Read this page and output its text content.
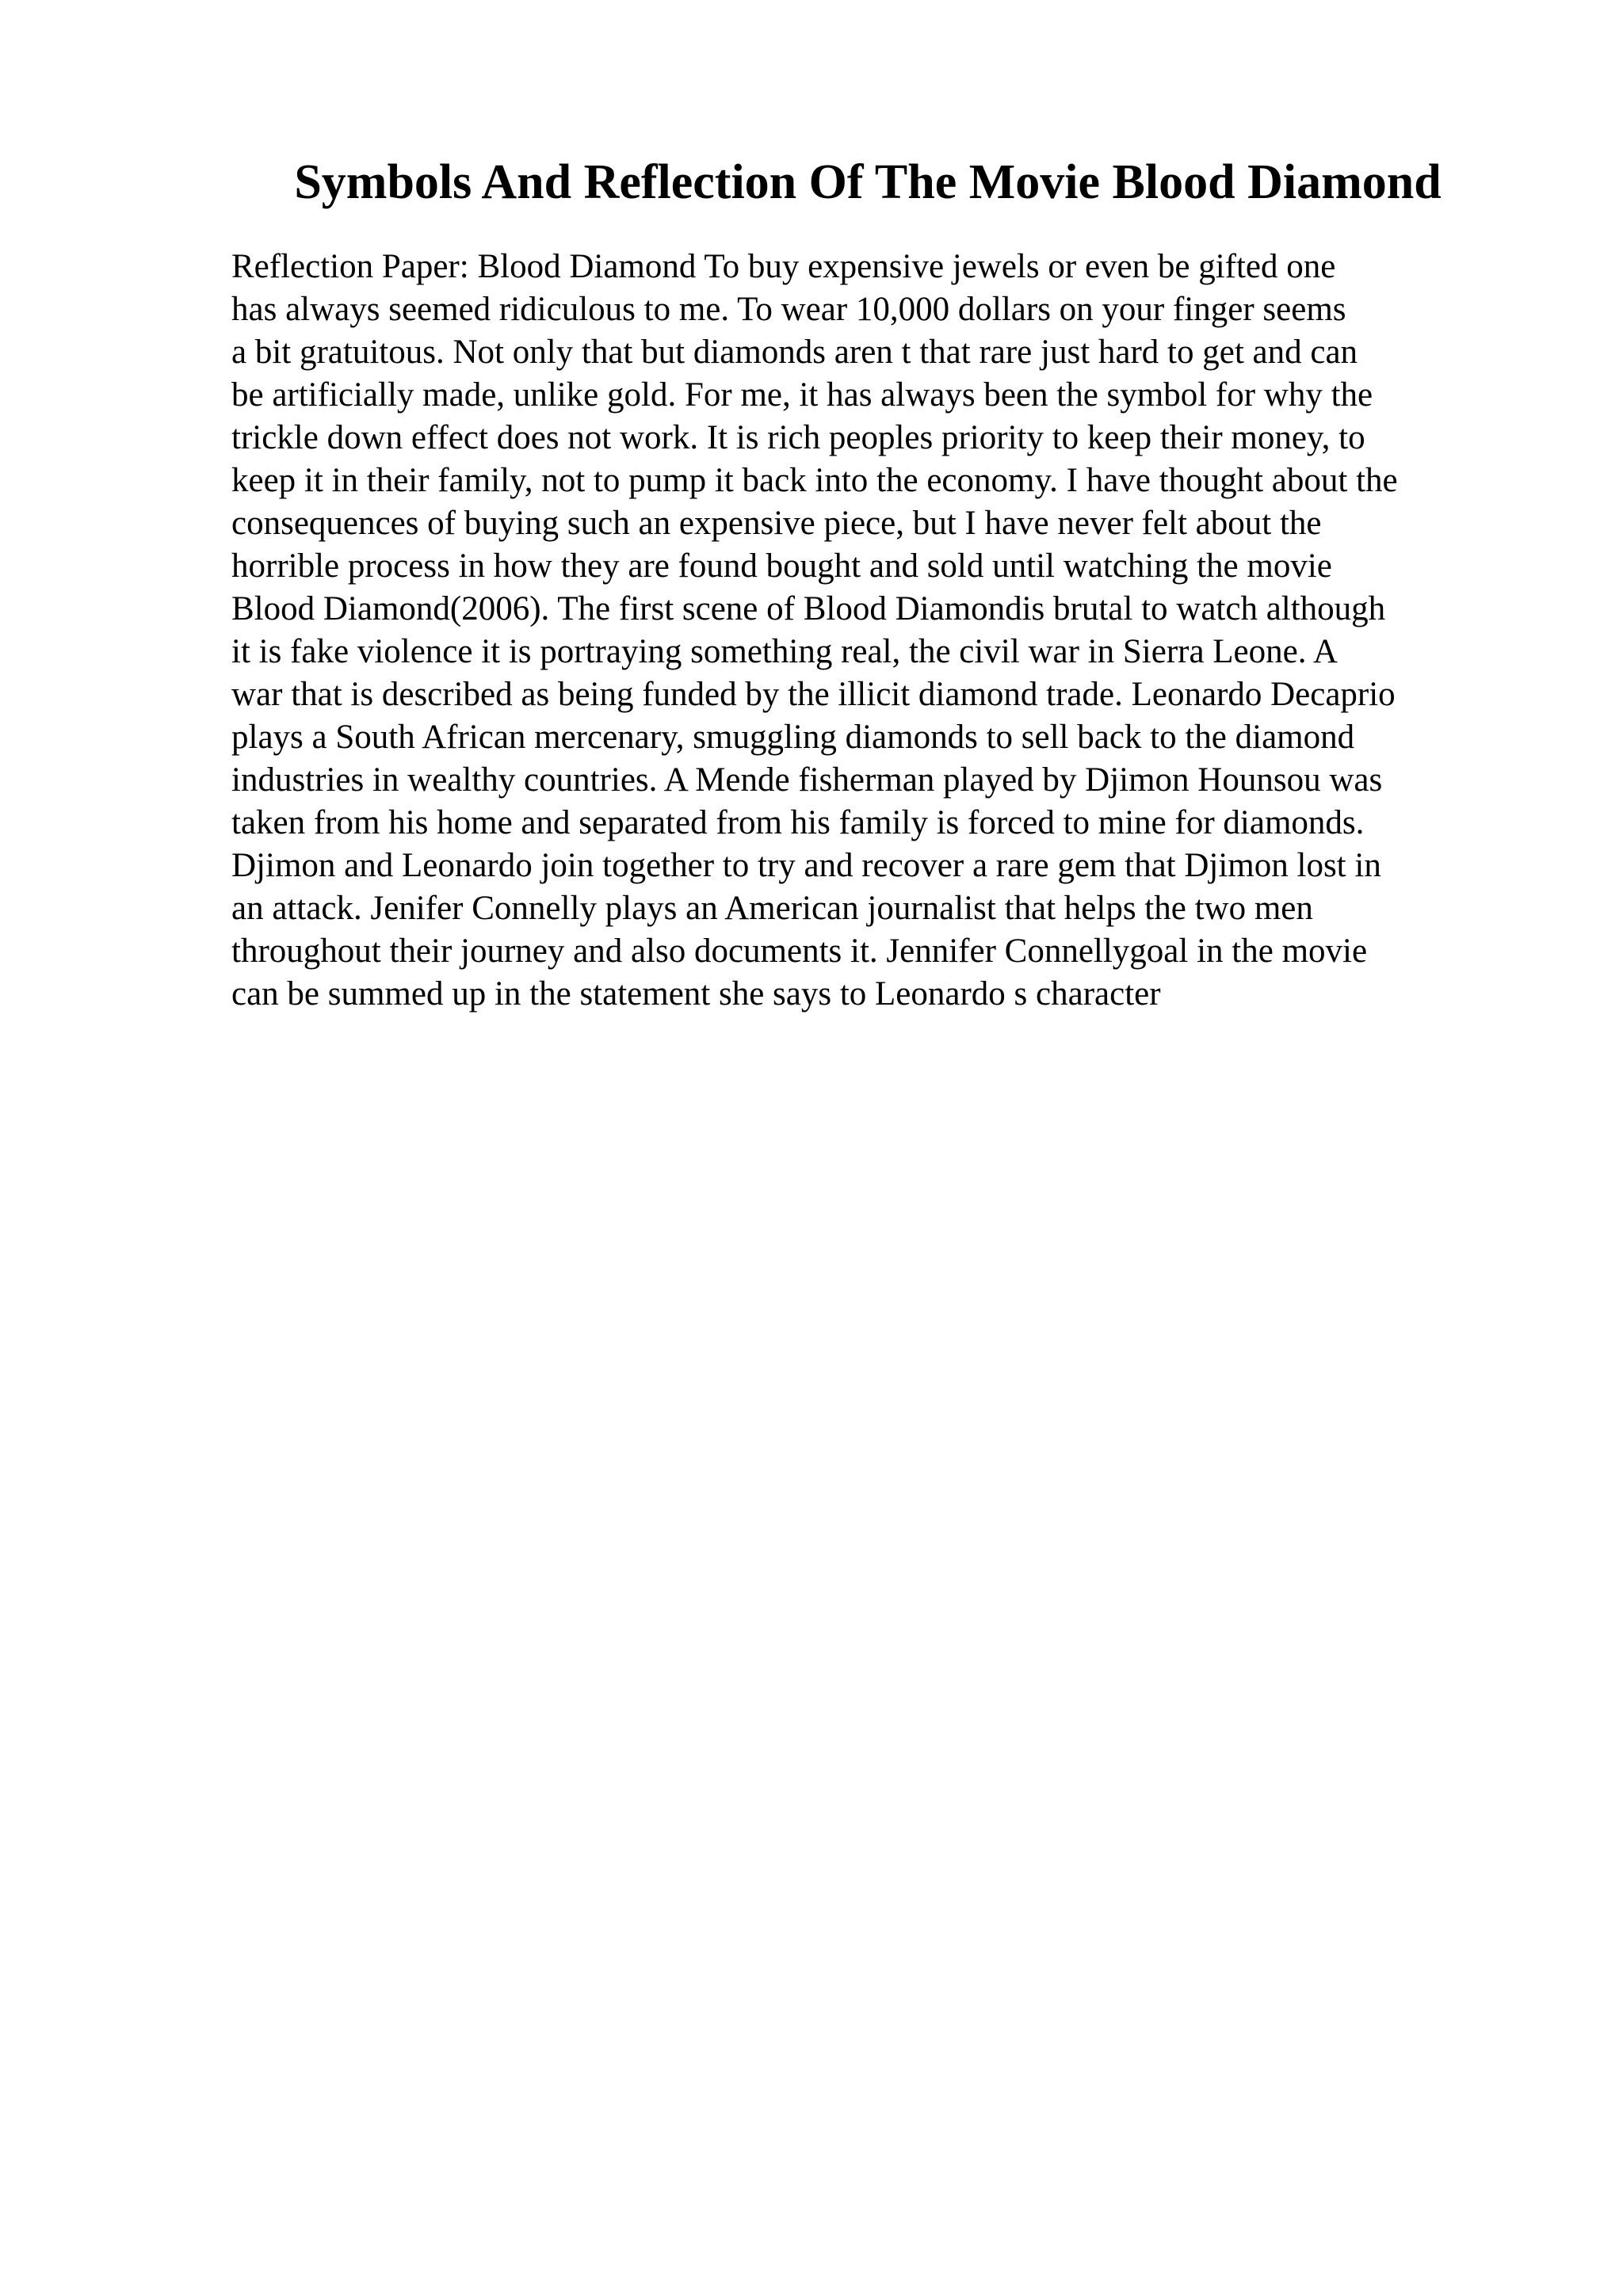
Symbols And Reflection Of The Movie Blood Diamond
Reflection Paper: Blood Diamond To buy expensive jewels or even be gifted one
has always seemed ridiculous to me. To wear 10,000 dollars on your finger seems
a bit gratuitous. Not only that but diamonds aren t that rare just hard to get and can
be artificially made, unlike gold. For me, it has always been the symbol for why the
trickle down effect does not work. It is rich peoples priority to keep their money, to
keep it in their family, not to pump it back into the economy. I have thought about the
consequences of buying such an expensive piece, but I have never felt about the
horrible process in how they are found bought and sold until watching the movie
Blood Diamond(2006). The first scene of Blood Diamondis brutal to watch although
it is fake violence it is portraying something real, the civil war in Sierra Leone. A
war that is described as being funded by the illicit diamond trade. Leonardo Decaprio
plays a South African mercenary, smuggling diamonds to sell back to the diamond
industries in wealthy countries. A Mende fisherman played by Djimon Hounsou was
taken from his home and separated from his family is forced to mine for diamonds.
Djimon and Leonardo join together to try and recover a rare gem that Djimon lost in
an attack. Jenifer Connelly plays an American journalist that helps the two men
throughout their journey and also documents it. Jennifer Connellygoal in the movie
can be summed up in the statement she says to Leonardo s character
